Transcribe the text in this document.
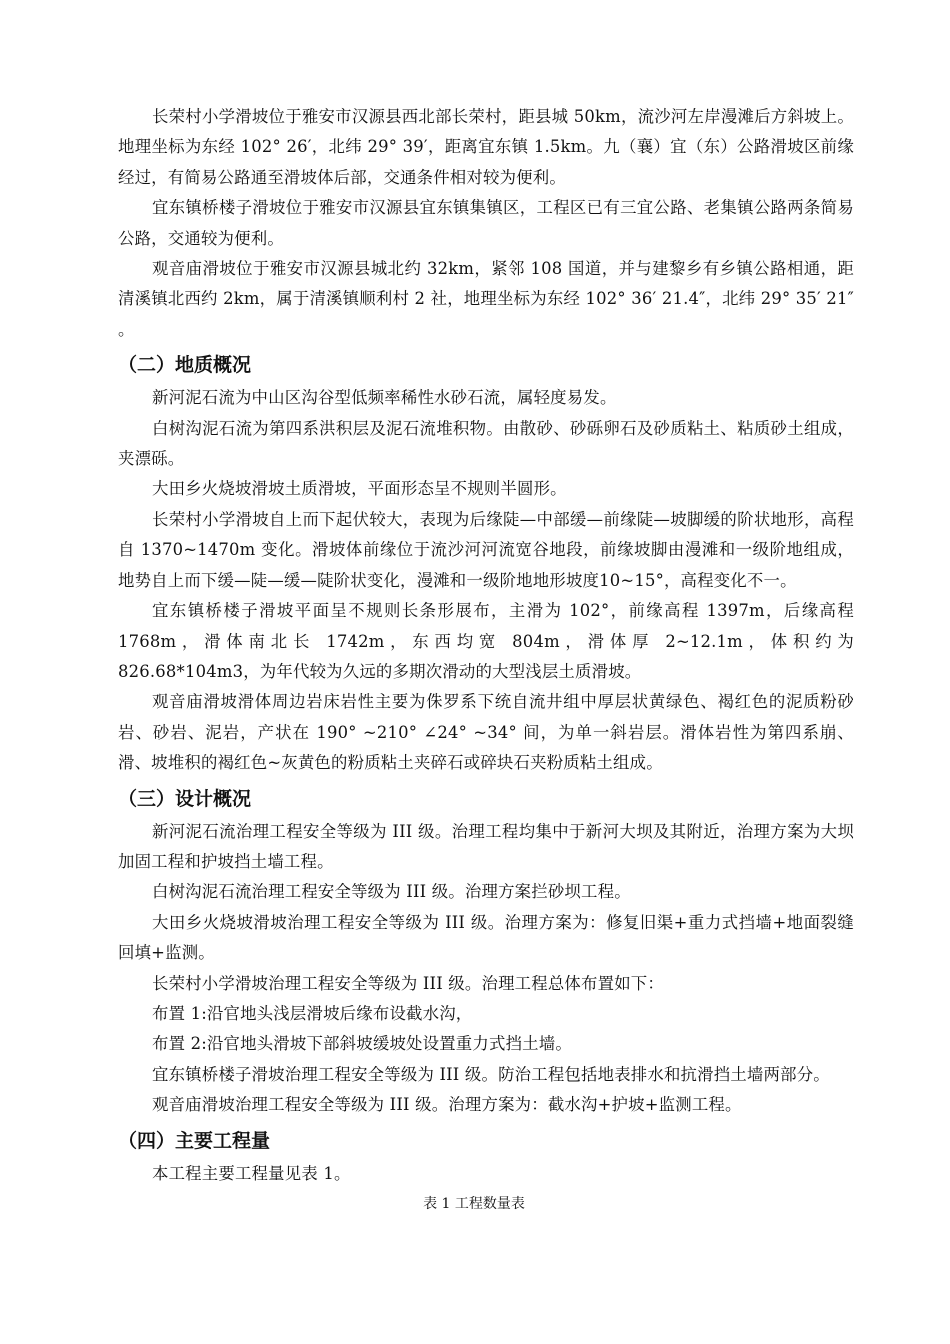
长荣村小学滑坡位于雅安市汉源县西北部长荣村，距县城 50km，流沙河左岸漫滩后方斜坡上。地理坐标为东经 102° 26′，北纬 29° 39′，距离宜东镇 1.5km。九（襄）宜（东）公路滑坡区前缘经过，有简易公路通至滑坡体后部，交通条件相对较为便利。

宜东镇桥楼子滑坡位于雅安市汉源县宜东镇集镇区，工程区已有三宜公路、老集镇公路两条简易公路，交通较为便利。

观音庙滑坡位于雅安市汉源县城北约 32km，紧邻 108 国道，并与建黎乡有乡镇公路相通，距清溪镇北西约 2km，属于清溪镇顺利村 2 社，地理坐标为东经 102° 36′ 21.4″，北纬 29° 35′ 21″ 。

（二）地质概况

新河泥石流为中山区沟谷型低频率稀性水砂石流，属轻度易发。

白树沟泥石流为第四系洪积层及泥石流堆积物。由散砂、砂砾卵石及砂质粘土、粘质砂土组成，夹漂砾。

大田乡火烧坡滑坡土质滑坡，平面形态呈不规则半圆形。

长荣村小学滑坡自上而下起伏较大，表现为后缘陡—中部缓—前缘陡—坡脚缓的阶状地形，高程自 1370~1470m 变化。滑坡体前缘位于流沙河河流宽谷地段，前缘坡脚由漫滩和一级阶地组成，地势自上而下缓—陡—缓—陡阶状变化，漫滩和一级阶地地形坡度10~15°，高程变化不一。

宜东镇桥楼子滑坡平面呈不规则长条形展布，主滑为 102°，前缘高程 1397m，后缘高程 1768m，滑体南北长 1742m，东西均宽 804m，滑体厚 2~12.1m，体积约为 826.68*104m3，为年代较为久远的多期次滑动的大型浅层土质滑坡。

观音庙滑坡滑体周边岩床岩性主要为侏罗系下统自流井组中厚层状黄绿色、褐红色的泥质粉砂岩、砂岩、泥岩，产状在 190° ~210° ∠24° ~34° 间，为单一斜岩层。滑体岩性为第四系崩、滑、坡堆积的褐红色~灰黄色的粉质粘土夹碎石或碎块石夹粉质粘土组成。

（三）设计概况

新河泥石流治理工程安全等级为 III 级。治理工程均集中于新河大坝及其附近，治理方案为大坝加固工程和护坡挡土墙工程。

白树沟泥石流治理工程安全等级为 III 级。治理方案拦砂坝工程。

大田乡火烧坡滑坡治理工程安全等级为 III 级。治理方案为：修复旧渠+重力式挡墙+地面裂缝回填+监测。

长荣村小学滑坡治理工程安全等级为 III 级。治理工程总体布置如下：

布置 1:沿官地头浅层滑坡后缘布设截水沟，

布置 2:沿官地头滑坡下部斜坡缓坡处设置重力式挡土墙。

宜东镇桥楼子滑坡治理工程安全等级为 III 级。防治工程包括地表排水和抗滑挡土墙两部分。

观音庙滑坡治理工程安全等级为 III 级。治理方案为：截水沟+护坡+监测工程。

（四）主要工程量

本工程主要工程量见表 1。

表 1 工程数量表
